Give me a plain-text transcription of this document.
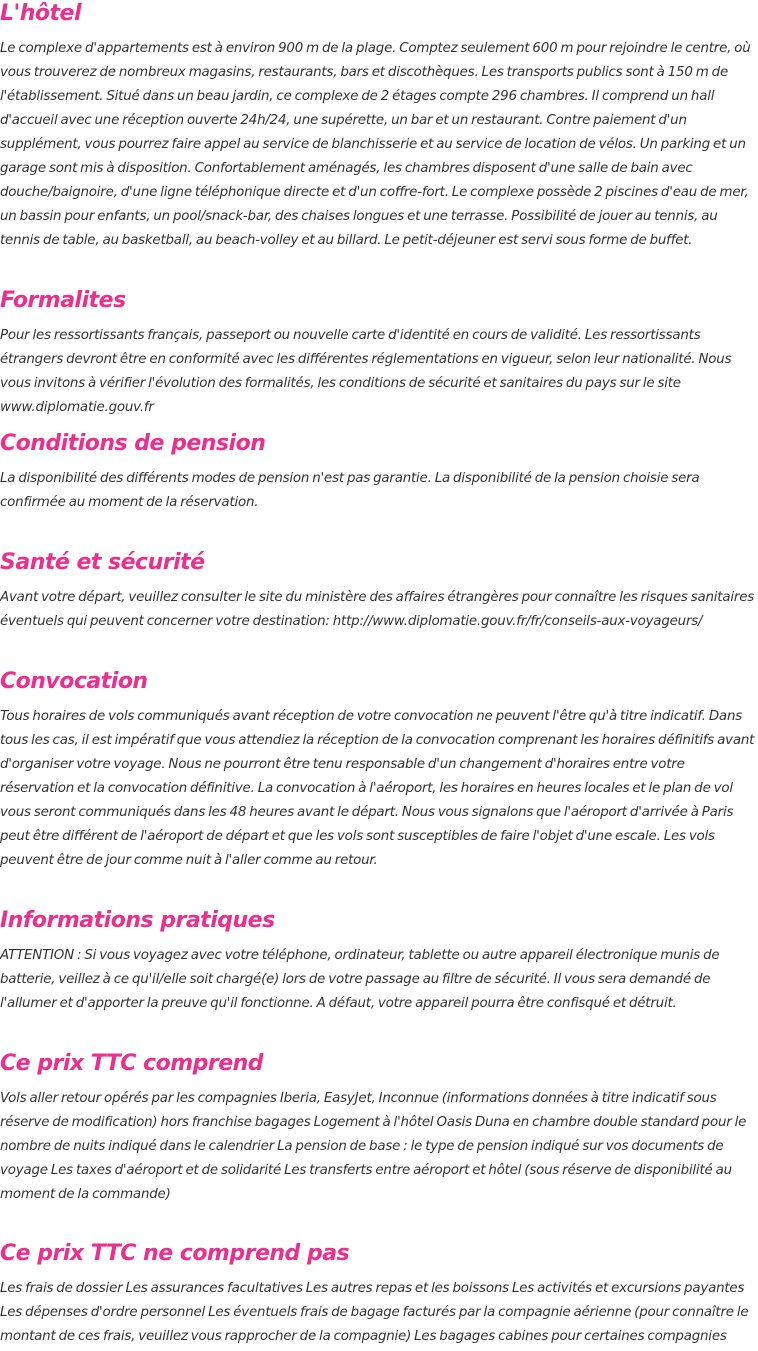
L'hôtel

Le complexe d'appartements est à environ 900 m de la plage. Comptez seulement 600 m pour rejoindre le centre, où vous trouverez de nombreux magasins, restaurants, bars et discothèques. Les transports publics sont à 150 m de l'établissement. Situé dans un beau jardin, ce complexe de 2 étages compte 296 chambres. Il comprend un hall d'accueil avec une réception ouverte 24h/24, une supérette, un bar et un restaurant. Contre paiement d'un supplément, vous pourrez faire appel au service de blanchisserie et au service de location de vélos. Un parking et un garage sont mis à disposition. Confortablement aménagés, les chambres disposent d'une salle de bain avec douche/baignoire, d'une ligne téléphonique directe et d'un coffre-fort. Le complexe possède 2 piscines d'eau de mer, un bassin pour enfants, un pool/snack-bar, des chaises longues et une terrasse. Possibilité de jouer au tennis, au tennis de table, au basketball, au beach-volley et au billard. Le petit-déjeuner est servi sous forme de buffet.

Formalites

Pour les ressortissants français, passeport ou nouvelle carte d'identité en cours de validité. Les ressortissants étrangers devront être en conformité avec les différentes réglementations en vigueur, selon leur nationalité. Nous vous invitons à vérifier l'évolution des formalités, les conditions de sécurité et sanitaires du pays sur le site www.diplomatie.gouv.fr

Conditions de pension

La disponibilité des différents modes de pension n'est pas garantie. La disponibilité de la pension choisie sera confirmée au moment de la réservation.

Santé et sécurité

Avant votre départ, veuillez consulter le site du ministère des affaires étrangères pour connaître les risques sanitaires éventuels qui peuvent concerner votre destination: http://www.diplomatie.gouv.fr/fr/conseils-aux-voyageurs/

Convocation

Tous horaires de vols communiqués avant réception de votre convocation ne peuvent l'être qu'à titre indicatif. Dans tous les cas, il est impératif que vous attendiez la réception de la convocation comprenant les horaires définitifs avant d'organiser votre voyage. Nous ne pourront être tenu responsable d'un changement d'horaires entre votre réservation et la convocation définitive. La convocation à l'aéroport, les horaires en heures locales et le plan de vol vous seront communiqués dans les 48 heures avant le départ. Nous vous signalons que l'aéroport d'arrivée à Paris peut être différent de l'aéroport de départ et que les vols sont susceptibles de faire l'objet d'une escale. Les vols peuvent être de jour comme nuit à l'aller comme au retour.

Informations pratiques

ATTENTION : Si vous voyagez avec votre téléphone, ordinateur, tablette ou autre appareil électronique munis de batterie, veillez à ce qu'il/elle soit chargé(e) lors de votre passage au filtre de sécurité. Il vous sera demandé de l'allumer et d'apporter la preuve qu'il fonctionne. A défaut, votre appareil pourra être confisqué et détruit.

Ce prix TTC comprend

Vols aller retour opérés par les compagnies Iberia, EasyJet, Inconnue (informations données à titre indicatif sous réserve de modification) hors franchise bagages Logement à l'hôtel Oasis Duna en chambre double standard pour le nombre de nuits indiqué dans le calendrier La pension de base : le type de pension indiqué sur vos documents de voyage Les taxes d'aéroport et de solidarité Les transferts entre aéroport et hôtel (sous réserve de disponibilité au moment de la commande)

Ce prix TTC ne comprend pas

Les frais de dossier Les assurances facultatives Les autres repas et les boissons Les activités et excursions payantes Les dépenses d'ordre personnel Les éventuels frais de bagage facturés par la compagnie aérienne (pour connaître le montant de ces frais, veuillez vous rapprocher de la compagnie) Les bagages cabines pour certaines compagnies
